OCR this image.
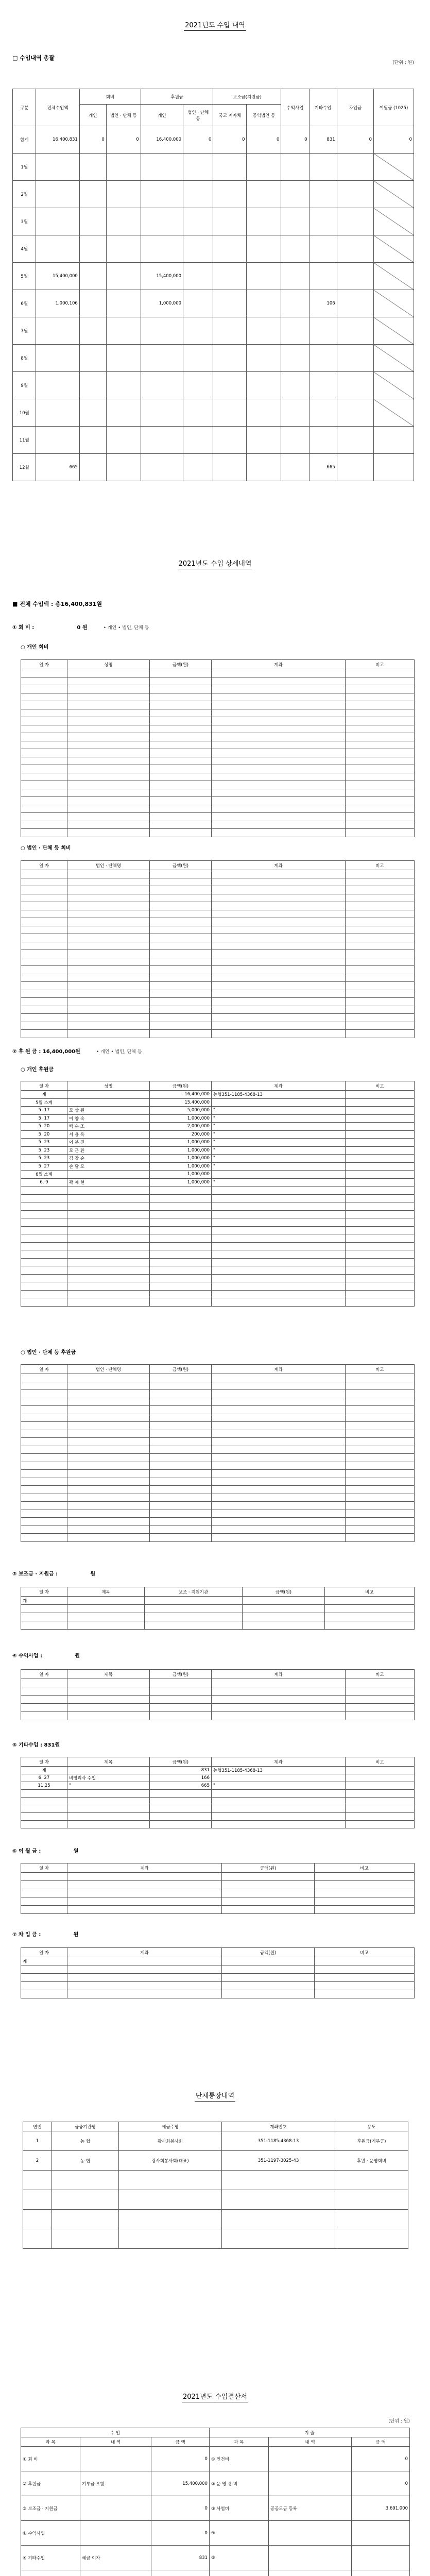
2021년도 수입 내역
□ 수입내역 총괄
(단위 : 원)
구분	전체수입액	회비		후원금		보조금(지원금)		수익사업	기타수입	차입금	이월금 (1025)
		개인	법인 · 단체 등	개인	법인 · 단체 등	국고 지자체	공익법인 등				
합계	16,400,831	0	0	16,400,000	0	0	0	0	831	0	0
1월											
2월											
3월											
4월											
5월	15,400,000			15,400,000							
6월	1,000,106			1,000,000					106		
7월											
8월											
9월											
10월											
11월											
12월	665								665		
2021년도 수입 상세내역
■ 전체 수입액 : 총16,400,831원
① 회 비 :	0 원	• 개인 • 법인, 단체 등
○ 개인 회비
일 자	성명	금액(원)	계좌	비고

○ 법인 · 단체 등 회비
일 자	법인 · 단체명	금액(원)	계좌	비고

② 후 원 금 : 16,400,000원	• 개인 • 법인, 단체 등
○ 개인 후원금
일 자	성명	금액(원)	계좌	비고
계		16,400,000	농협351-1185-4368-13	
5월 소계		15,400,000		
5. 17	모 상 원	5,000,000	"	
5. 17	이 양 숙	1,000,000	"	
5. 20	백 순 조	2,000,000	"	
5. 20	서 용 옥	200,000	"	
5. 23	이 분 진	1,000,000	"	
5. 23	모 근 환	1,000,000	"	
5. 23	김 창 순	1,000,000	"	
5. 27	손 달 모	1,000,000	"	
6월 소계		1,000,000		
6. 9	곽 재 현	1,000,000	"	

○ 법인 · 단체 등 후원금
일 자	법인 · 단체명	금액(원)	계좌	비고

③ 보조금 · 지원금 :	원
일 자	제목	보조 · 지원기관	금액(원)	비고
계				

④ 수익사업 :	원
일 자	제목	금액(원)	계좌	비고

⑤ 기타수입 : 831원
일 자	제목	금액(원)	계좌	비고
계		831	농협351-1185-4368-13	
6. 27	비영리사 수입	166		
11.25	"	665	"	

⑥ 이 월 금 :	원
일 자	계좌	금액(원)	비고

⑦ 차 입 금 :	원
일 자	계좌	금액(원)	비고
계			

단체통장내역
연번	금융기관명	예금주명	계좌번호	용도
1	농 협	광사회봉사회	351-1185-4368-13	후원금(기부금)
2	농 협	광사회봉사회(대표)	351-1197-3025-43	후원 · 운영회비

2021년도 수입결산서
(단위 : 원)
수 입			지 출		
과 목	내 역	금 액	과 목	내 역	금 액
① 회 비		0	① 인건비		0
② 후원금	기부금 포함	15,400,000	② 운 영 경 비		0
③ 보조금 · 지원금		0	③ 사업비	공공모금 등록	3,691,000
④ 수익사업		0	④		
⑤ 기타수입	예금 이자	831	⑤		
